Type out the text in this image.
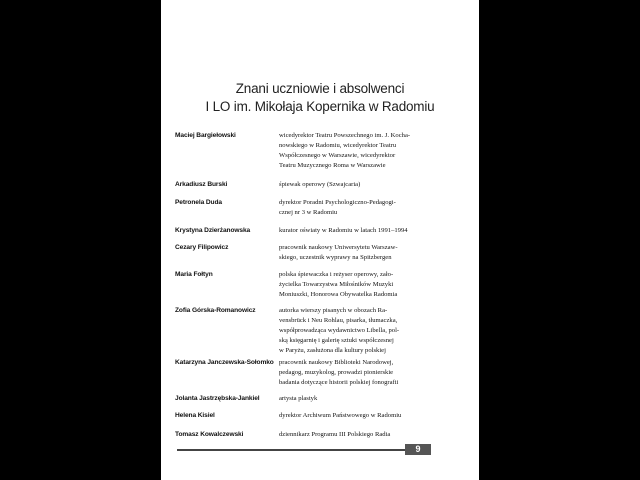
Znani uczniowie i absolwenci
I LO im. Mikołaja Kopernika w Radomiu
Maciej Bargiełowski	wicedyrektor Teatru Powszechnego im. J. Kocha-
nowskiego w Radomiu, wicedyrektor Teatru
Współczesnego w Warszawie, wicedyrektor
Teatru Muzycznego Roma w Warszawie
Arkadiusz Burski	śpiewak operowy (Szwajcaria)
Petronela Duda	dyrektor Poradni Psychologiczno-Pedagogi-
cznej nr 3 w Radomiu
Krystyna Dzierżanowska	kurator oświaty w Radomiu w latach 1991–1994
Cezary Filipowicz	pracownik naukowy Uniwersytetu Warszaw-
skiego, uczestnik wyprawy na Spitzbergen
Maria Fołtyn	polska śpiewaczka i reżyser operowy, zało-
życielka Towarzystwa Miłośników Muzyki
Moniuszki, Honorowa Obywatelka Radomia
Zofia Górska-Romanowicz	autorka wierszy pisanych w obozach Ra-
vensbrück i Neu Rohlau, pisarka, tłumaczka,
współprowadząca wydawnictwo Libella, pol-
ską księgarnię i galerię sztuki współczesnej
w Paryżu, zasłużona dla kultury polskiej
Katarzyna Janczewska-Sołomko pracownik naukowy Biblioteki Narodowej,
pedagog, muzykolog, prowadzi pionierskie
badania dotyczące historii polskiej fonografii
Jolanta Jastrzębska-Jankiel	artysta plastyk
Helena Kisiel	dyrektor Archiwum Państwowego w Radomiu
Tomasz Kowalczewski	dziennikarz Programu III Polskiego Radia
9
